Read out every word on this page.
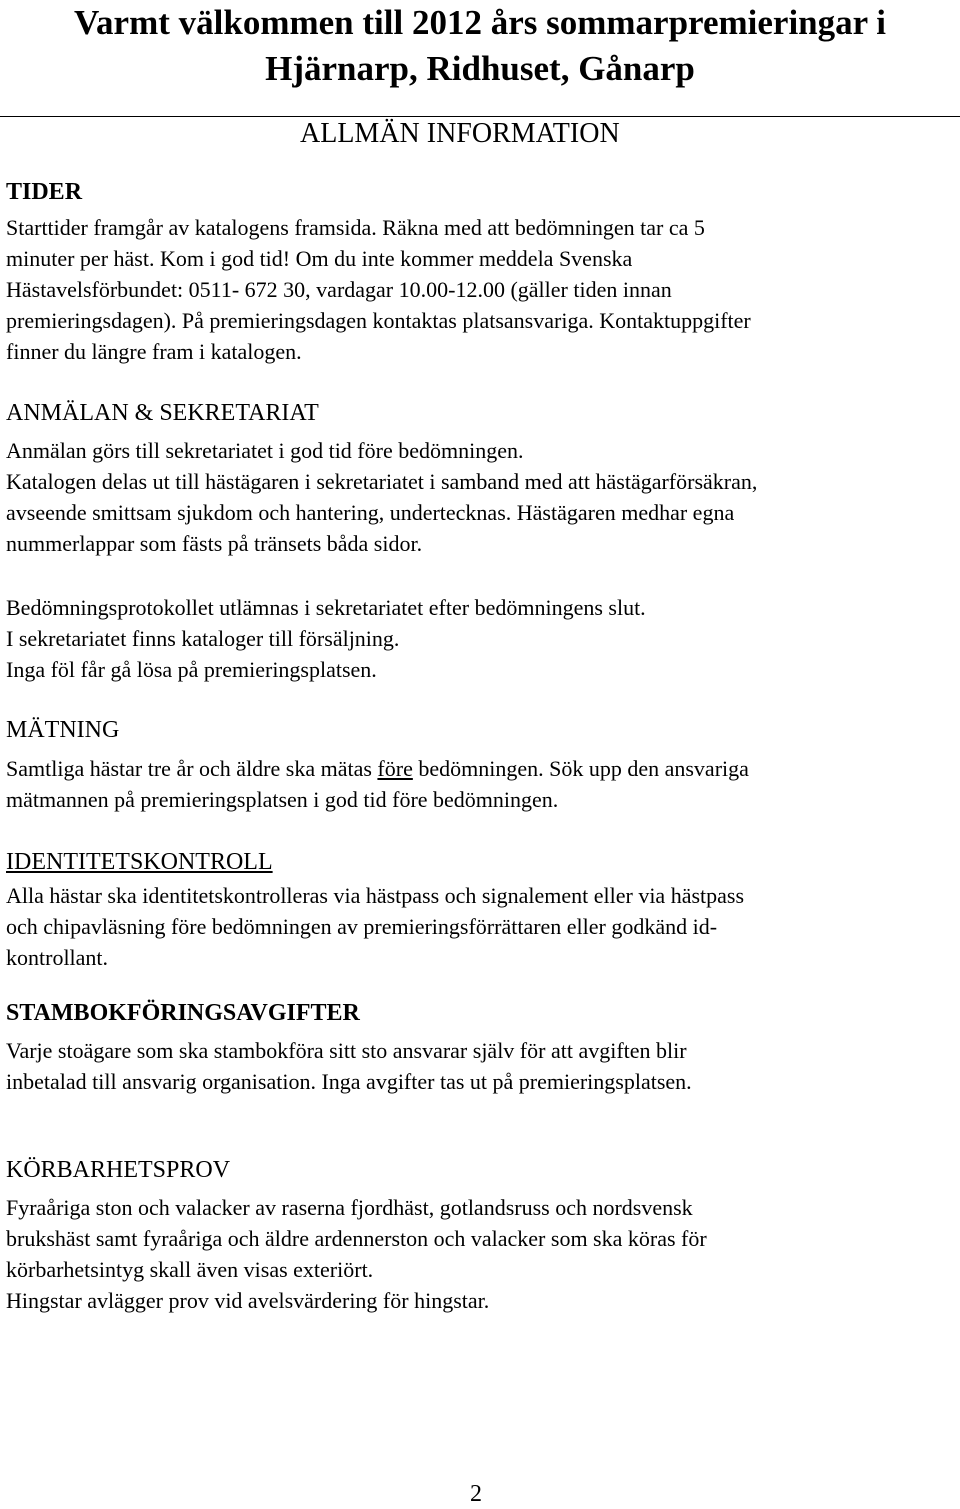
Varmt välkommen till 2012 års sommarpremieringar i
Hjärnarp, Ridhuset, Gånarp
ALLMÄN INFORMATION

TIDER

Starttider framgår av katalogens framsida. Räkna med att bedömningen tar ca 5

minuter per häst. Kom i god tid! Om du inte kommer meddela Svenska

Hästavelsförbundet: 0511- 672 30, vardagar 10.00-12.00 (gäller tiden innan

premieringsdagen). På premieringsdagen kontaktas platsansvariga. Kontaktuppgifter

finner du längre fram i katalogen.

ANMÄLAN & SEKRETARIAT

Anmälan görs till sekretariatet i god tid före bedömningen.

Katalogen delas ut till hästägaren i sekretariatet i samband med att hästägarförsäkran,

avseende smittsam sjukdom och hantering, undertecknas. Hästägaren medhar egna

nummerlappar som fästs på tränsets båda sidor.

Bedömningsprotokollet utlämnas i sekretariatet efter bedömningens slut.

I sekretariatet finns kataloger till försäljning.

Inga föl får gå lösa på premieringsplatsen.

MÄTNING

Samtliga hästar tre år och äldre ska mätas före bedömningen. Sök upp den ansvariga

mätmannen på premieringsplatsen i god tid före bedömningen.

IDENTITETSKONTROLL

Alla hästar ska identitetskontrolleras via hästpass och signalement eller via hästpass

och chipavläsning före bedömningen av premieringsförrättaren eller godkänd id-

kontrollant.

STAMBOKFÖRINGSAVGIFTER

Varje stoägare som ska stambokföra sitt sto ansvarar själv för att avgiften blir

inbetalad till ansvarig organisation. Inga avgifter tas ut på premieringsplatsen.

KÖRBARHETSPROV

Fyraåriga ston och valacker av raserna fjordhäst, gotlandsruss och nordsvensk

brukshäst samt fyraåriga och äldre ardennerston och valacker som ska köras för

körbarhetsintyg skall även visas exteriört.

Hingstar avlägger prov vid avelsvärdering för hingstar.

2
